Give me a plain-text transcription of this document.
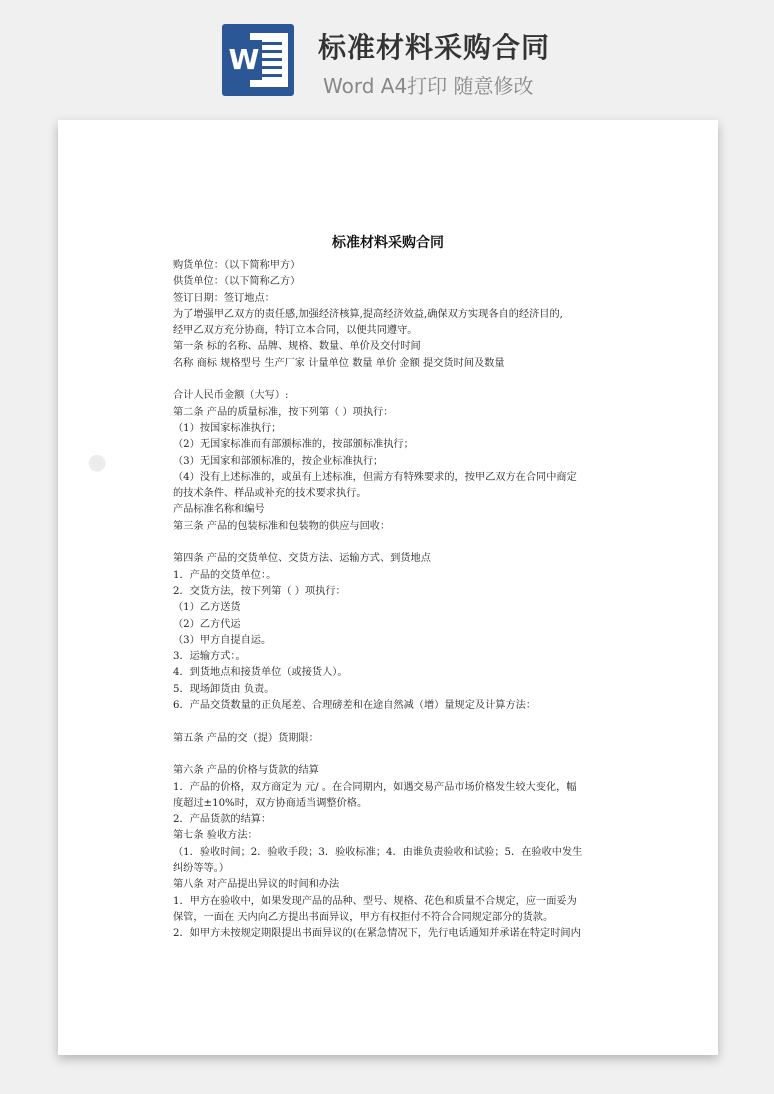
W 标准材料采购合同
Word A4打印 随意修改
●
标准材料采购合同

购货单位：（以下简称甲方）

供货单位：（以下简称乙方）

签订日期：签订地点：

为了增强甲乙双方的责任感,加强经济核算,提高经济效益,确保双方实现各自的经济目的,

经甲乙双方充分协商，特订立本合同，以便共同遵守。

第一条 标的名称、品牌、规格、数量、单价及交付时间

名称 商标 规格型号 生产厂家 计量单位 数量 单价 金额 提交货时间及数量

合计人民币金额（大写）:

第二条 产品的质量标准，按下列第（ ）项执行：

（1）按国家标准执行；

（2）无国家标准而有部颁标准的，按部颁标准执行；

（3）无国家和部颁标准的，按企业标准执行；

（4）没有上述标准的，或虽有上述标准，但需方有特殊要求的，按甲乙双方在合同中商定

的技术条件、样品或补充的技术要求执行。

产品标准名称和编号

第三条 产品的包装标准和包装物的供应与回收：

第四条 产品的交货单位、交货方法、运输方式、到货地点

1．产品的交货单位：。

2．交货方法，按下列第（ ）项执行：

（1）乙方送货

（2）乙方代运

（3）甲方自提自运。

3．运输方式：。

4．到货地点和接货单位（或接货人）。

5．现场卸货由 负责。

6．产品交货数量的正负尾差、合理磅差和在途自然减（增）量规定及计算方法：

第五条 产品的交（提）货期限：

第六条 产品的价格与货款的结算

1．产品的价格，双方商定为 元/ 。在合同期内，如遇交易产品市场价格发生较大变化，幅

度超过±10%时，双方协商适当调整价格。

2．产品货款的结算：

第七条 验收方法：

（1．验收时间；2．验收手段；3．验收标准；4．由谁负责验收和试验；5．在验收中发生

纠纷等等。）

第八条 对产品提出异议的时间和办法

1．甲方在验收中，如果发现产品的品种、型号、规格、花色和质量不合规定，应一面妥为

保管，一面在 天内向乙方提出书面异议，甲方有权拒付不符合合同规定部分的货款。

2．如甲方未按规定期限提出书面异议的(在紧急情况下，先行电话通知并承诺在特定时间内
